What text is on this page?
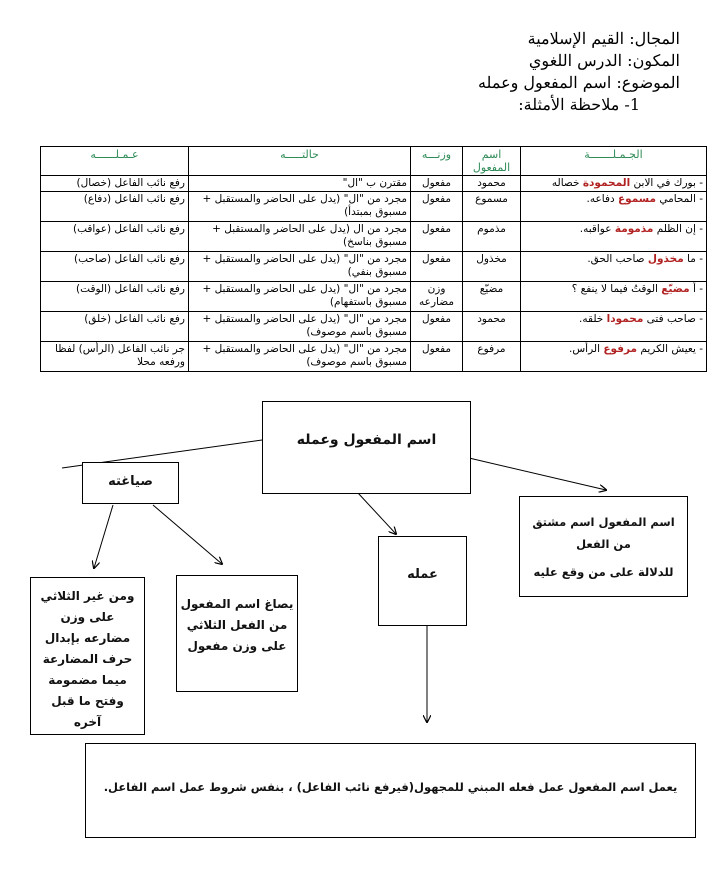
المجال: القيم الإسلامية
المكون: الدرس اللغوي
الموضوع: اسم المفعول وعمله
1- ملاحظة الأمثلة:
الجـمـلـــــــة	اسم المفعول	وزنـــه	حالتـــــه	عـمـلــــــه
- بورك في الابن المحمودة خصاله	محمود	مفعول	مقترن ب "ال"	رفع نائب الفاعل (خصال)
- المحامي مسموع دفاعه.	مسموع	مفعول	مجرد من "ال" (يدل على الحاضر والمستقبل + مسبوق بمبتدأ)	رفع نائب الفاعل (دفاع)
- إن الظلم مذمومة عواقبه.	مذموم	مفعول	مجرد من ال (يدل على الحاضر والمستقبل + مسبوق بناسخ)	رفع نائب الفاعل (عواقب)
- ما مخذول صاحب الحق.	مخذول	مفعول	مجرد من "ال" (يدل على الحاضر والمستقبل + مسبوق بنفي)	رفع نائب الفاعل (صاحب)
- أ مضيّع الوقتُ فيما لا ينفع ؟	مضيّع	وزن مضارعه	مجرد من "ال" (يدل على الحاضر والمستقبل + مسبوق باستفهام)	رفع نائب الفاعل (الوقت)
- صاحب فتى محمودا خلقه.	محمود	مفعول	مجرد من "ال" (يدل على الحاضر والمستقبل + مسبوق باسم موصوف)	رفع نائب الفاعل (خلق)
- يعيش الكريم مرفوع الرأس.	مرفوع	مفعول	مجرد من "ال" (يدل على الحاضر والمستقبل + مسبوق باسم موصوف)	جر نائب الفاعل (الرأس) لفظا ورفعه محلا
اسم المفعول وعمله
صياغته
اسم المفعول اسم مشتق
من الفعل
للدلالة على من وقع عليه
عمله
يصاغ اسم المفعول
من الفعل الثلاثي
على وزن مفعول
ومن غير الثلاثي
على وزن
مضارعه بإبدال
حرف المضارعة
ميما مضمومة
وفتح ما قبل
آخره
يعمل اسم المفعول عمل فعله المبني للمجهول(فيرفع نائب الفاعل) ، بنفس شروط عمل اسم الفاعل.
